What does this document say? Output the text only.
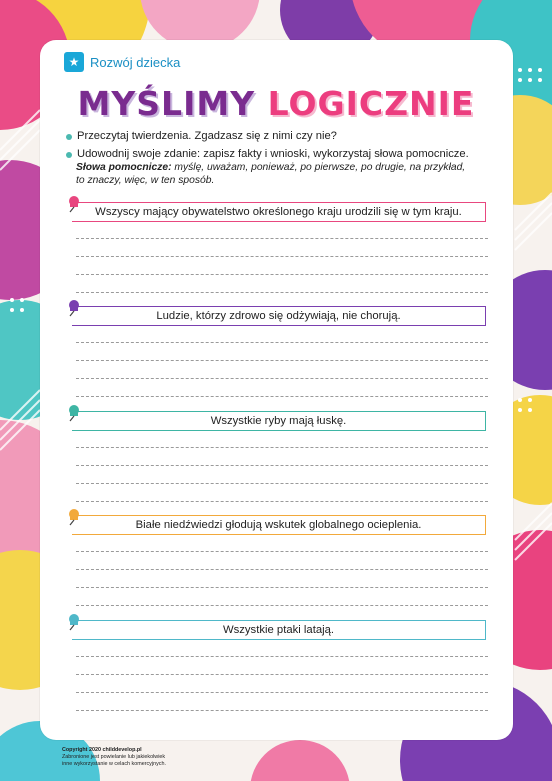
★ Rozwój dziecka
MYŚLIMY LOGICZNIE
Przeczytaj twierdzenia. Zgadzasz się z nimi czy nie?
Udowodnij swoje zdanie: zapisz fakty i wnioski, wykorzystaj słowa pomocnicze.
Słowa pomocnicze: myślę, uważam, ponieważ, po pierwsze, po drugie, na przykład,
to znaczy, więc, w ten sposób.
Wszyscy mający obywatelstwo określonego kraju urodzili się w tym kraju.
Ludzie, którzy zdrowo się odżywiają, nie chorują.
Wszystkie ryby mają łuskę.
Białe niedźwiedzi głodują wskutek globalnego ocieplenia.
Wszystkie ptaki latają.
Copyright 2020 childdevelop.pl
Zabronione jest powielanie lub jakiekolwiek
inne wykorzystanie w celach komercyjnych.
